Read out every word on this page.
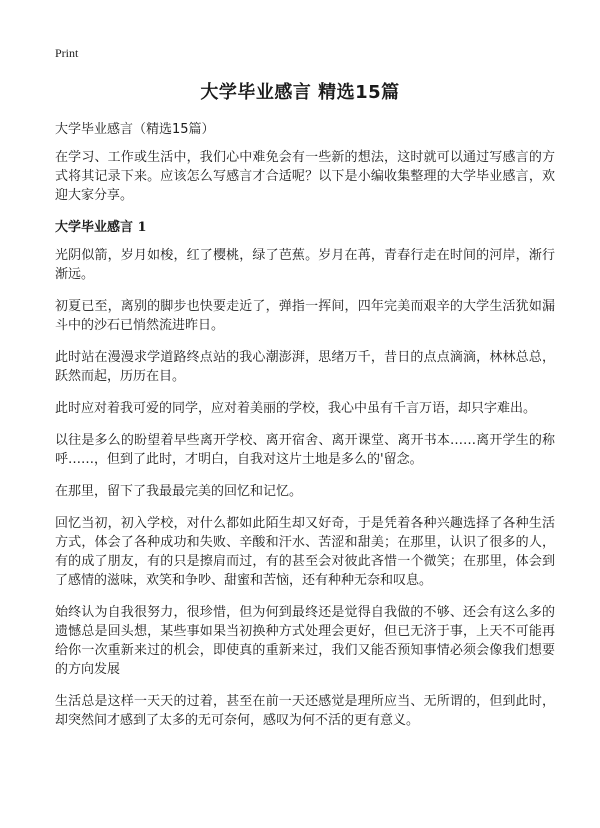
Print
大学毕业感言 精选15篇

大学毕业感言（精选15篇）

在学习、工作或生活中，我们心中难免会有一些新的想法，这时就可以通过写感言的方式将其记录下来。应该怎么写感言才合适呢？以下是小编收集整理的大学毕业感言，欢迎大家分享。

大学毕业感言 1

光阴似箭，岁月如梭，红了樱桃，绿了芭蕉。岁月在苒，青春行走在时间的河岸，渐行渐远。

初夏已至，离别的脚步也快要走近了，弹指一挥间，四年完美而艰辛的大学生活犹如漏斗中的沙石已悄然流进昨日。

此时站在漫漫求学道路终点站的我心潮澎湃，思绪万千，昔日的点点滴滴，林林总总，跃然而起，历历在目。

此时应对着我可爱的同学，应对着美丽的学校，我心中虽有千言万语，却只字难出。

以往是多么的盼望着早些离开学校、离开宿舍、离开课堂、离开书本……离开学生的称呼……，但到了此时，才明白，自我对这片土地是多么的'留念。

在那里，留下了我最最完美的回忆和记忆。

回忆当初，初入学校，对什么都如此陌生却又好奇，于是凭着各种兴趣选择了各种生活方式，体会了各种成功和失败、辛酸和汗水、苦涩和甜美；在那里，认识了很多的人，有的成了朋友，有的只是擦肩而过，有的甚至会对彼此吝惜一个微笑；在那里，体会到了感情的滋味，欢笑和争吵、甜蜜和苦恼，还有种种无奈和叹息。

始终认为自我很努力，很珍惜，但为何到最终还是觉得自我做的不够、还会有这么多的遗憾总是回头想，某些事如果当初换种方式处理会更好，但已无济于事，上天不可能再给你一次重新来过的机会，即使真的重新来过，我们又能否预知事情必须会像我们想要的方向发展

生活总是这样一天天的过着，甚至在前一天还感觉是理所应当、无所谓的，但到此时，却突然间才感到了太多的无可奈何，感叹为何不活的更有意义。
